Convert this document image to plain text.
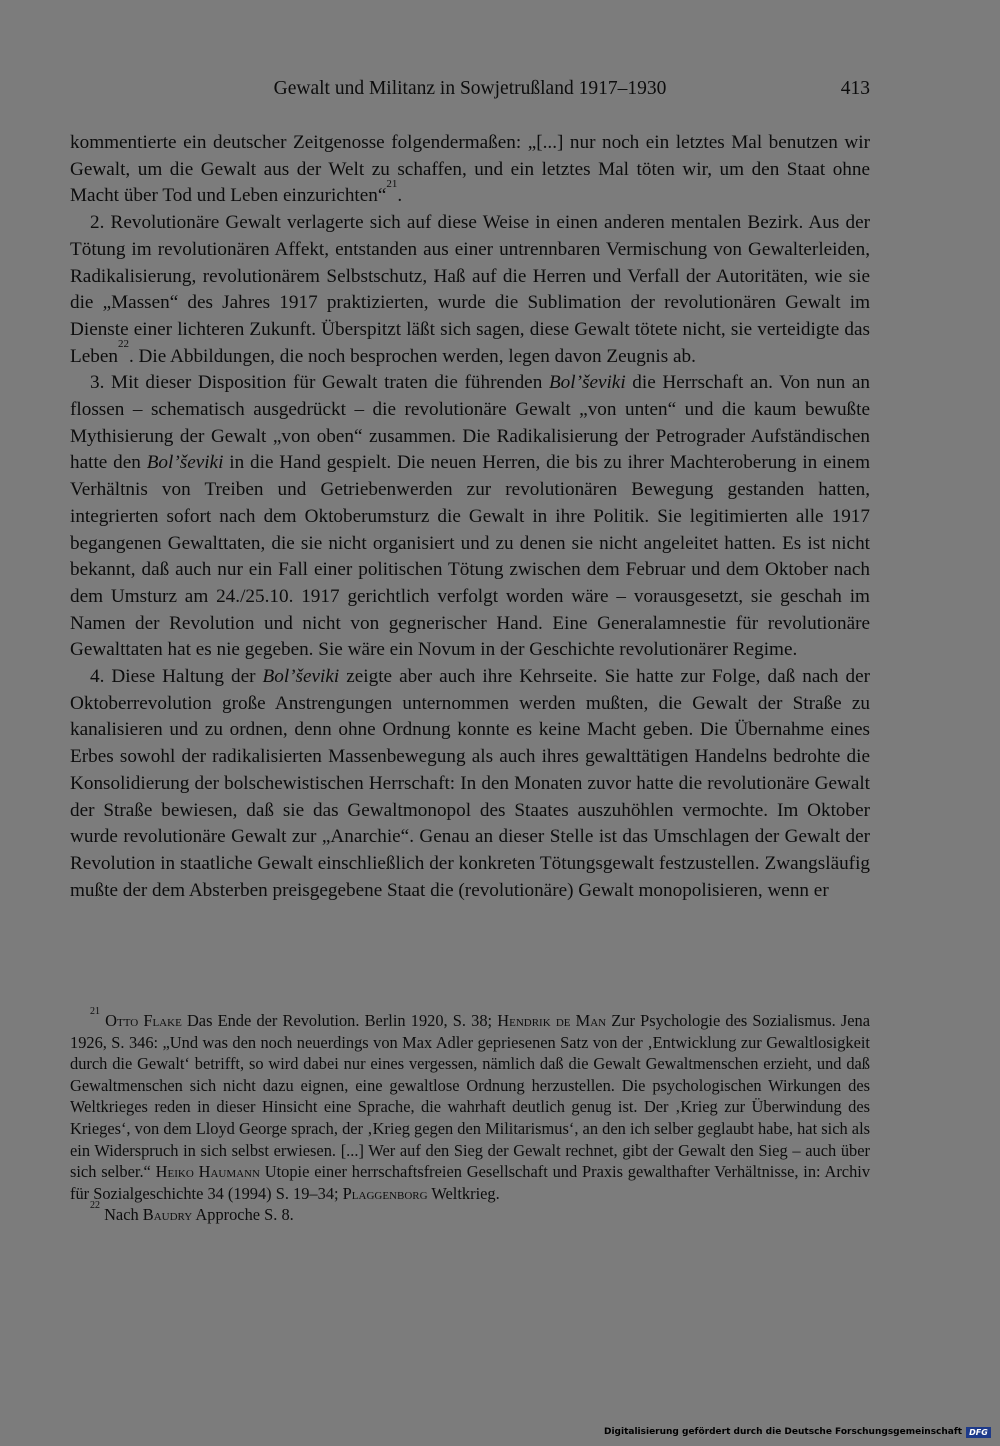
Gewalt und Militanz in Sowjetrußland 1917–1930	413

kommentierte ein deutscher Zeitgenosse folgendermaßen: „[...] nur noch ein letztes Mal benutzen wir Gewalt, um die Gewalt aus der Welt zu schaffen, und ein letztes Mal töten wir, um den Staat ohne Macht über Tod und Leben einzurichten“$^{21}$.

2. Revolutionäre Gewalt verlagerte sich auf diese Weise in einen anderen mentalen Bezirk. Aus der Tötung im revolutionären Affekt, entstanden aus einer untrennbaren Vermischung von Gewalterleiden, Radikalisierung, revolutionärem Selbstschutz, Haß auf die Herren und Verfall der Autoritäten, wie sie die „Massen“ des Jahres 1917 praktizierten, wurde die Sublimation der revolutionären Gewalt im Dienste einer lichteren Zukunft. Überspitzt läßt sich sagen, diese Gewalt tötete nicht, sie verteidigte das Leben$^{22}$. Die Abbildungen, die noch besprochen werden, legen davon Zeugnis ab.

3. Mit dieser Disposition für Gewalt traten die führenden Bol’ševiki die Herrschaft an. Von nun an flossen – schematisch ausgedrückt – die revolutionäre Gewalt „von unten“ und die kaum bewußte Mythisierung der Gewalt „von oben“ zusammen. Die Radikalisierung der Petrograder Aufständischen hatte den Bol’ševiki in die Hand gespielt. Die neuen Herren, die bis zu ihrer Machteroberung in einem Verhältnis von Treiben und Getriebenwerden zur revolutionären Bewegung gestanden hatten, integrierten sofort nach dem Oktoberumsturz die Gewalt in ihre Politik. Sie legitimierten alle 1917 begangenen Gewalttaten, die sie nicht organisiert und zu denen sie nicht angeleitet hatten. Es ist nicht bekannt, daß auch nur ein Fall einer politischen Tötung zwischen dem Februar und dem Oktober nach dem Umsturz am 24./25.10. 1917 gerichtlich verfolgt worden wäre – vorausgesetzt, sie geschah im Namen der Revolution und nicht von gegnerischer Hand. Eine Generalamnestie für revolutionäre Gewalttaten hat es nie gegeben. Sie wäre ein Novum in der Geschichte revolutionärer Regime.

4. Diese Haltung der Bol’ševiki zeigte aber auch ihre Kehrseite. Sie hatte zur Folge, daß nach der Oktoberrevolution große Anstrengungen unternommen werden mußten, die Gewalt der Straße zu kanalisieren und zu ordnen, denn ohne Ordnung konnte es keine Macht geben. Die Übernahme eines Erbes sowohl der radikalisierten Massenbewegung als auch ihres gewalttätigen Handelns bedrohte die Konsolidierung der bolschewistischen Herrschaft: In den Monaten zuvor hatte die revolutionäre Gewalt der Straße bewiesen, daß sie das Gewaltmonopol des Staates auszuhöhlen vermochte. Im Oktober wurde revolutionäre Gewalt zur „Anarchie“. Genau an dieser Stelle ist das Umschlagen der Gewalt der Revolution in staatliche Gewalt einschließlich der konkreten Tötungsgewalt festzustellen. Zwangsläufig mußte der dem Absterben preisgegebene Staat die (revolutionäre) Gewalt monopolisieren, wenn er

$^{21}$ Otto Flake Das Ende der Revolution. Berlin 1920, S. 38; Hendrik de Man Zur Psychologie des Sozialismus. Jena 1926, S. 346: „Und was den noch neuerdings von Max Adler gepriesenen Satz von der ‚Entwicklung zur Gewaltlosigkeit durch die Gewalt‘ betrifft, so wird dabei nur eines vergessen, nämlich daß die Gewalt Gewaltmenschen erzieht, und daß Gewaltmenschen sich nicht dazu eignen, eine gewaltlose Ordnung herzustellen. Die psychologischen Wirkungen des Weltkrieges reden in dieser Hinsicht eine Sprache, die wahrhaft deutlich genug ist. Der ‚Krieg zur Überwindung des Krieges‘, von dem Lloyd George sprach, der ‚Krieg gegen den Militarismus‘, an den ich selber geglaubt habe, hat sich als ein Widerspruch in sich selbst erwiesen. [...] Wer auf den Sieg der Gewalt rechnet, gibt der Gewalt den Sieg – auch über sich selber.“ Heiko Haumann Utopie einer herrschaftsfreien Gesellschaft und Praxis gewalthafter Verhältnisse, in: Archiv für Sozialgeschichte 34 (1994) S. 19–34; Plaggenborg Weltkrieg.

$^{22}$ Nach Baudry Approche S. 8.

Digitalisierung gefördert durch die Deutsche Forschungsgemeinschaft DFG
